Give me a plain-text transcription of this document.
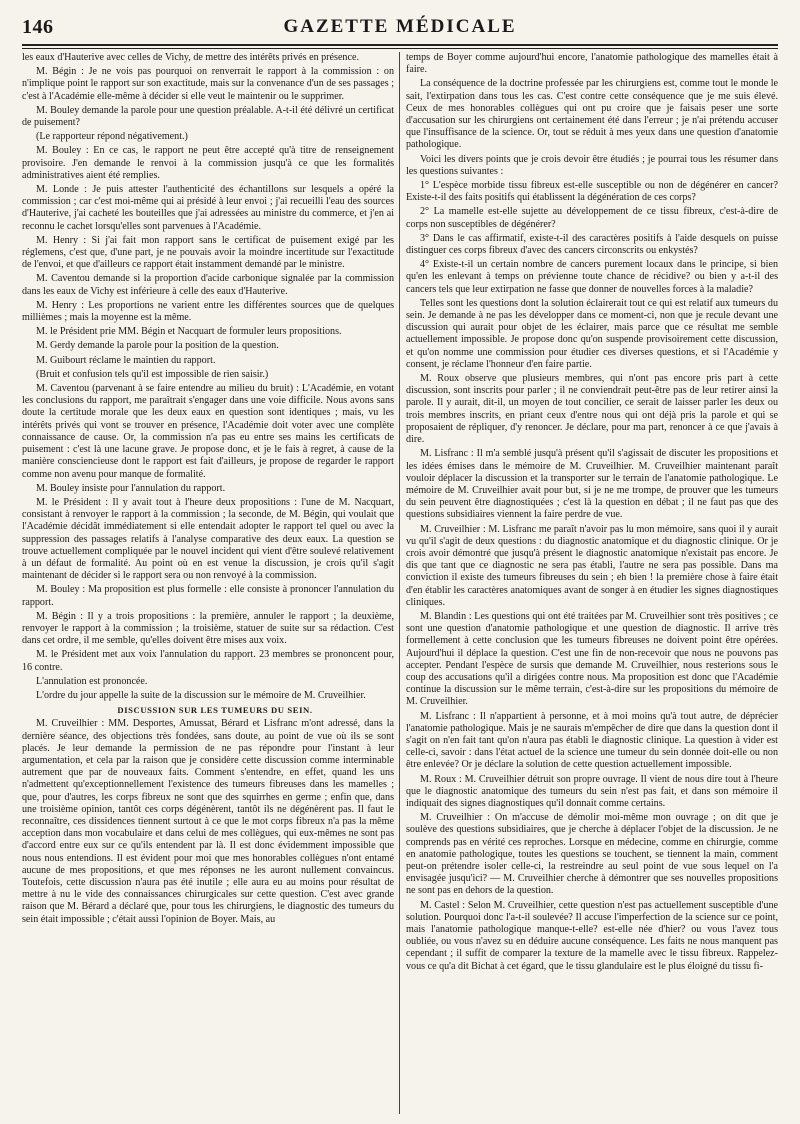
146	GAZETTE MÉDICALE

les eaux d'Hauterive avec celles de Vichy, de mettre des intérêts privés en présence.

M. Bégin : Je ne vois pas pourquoi on renverrait le rapport à la commission : on n'implique point le rapport sur son exactitude, mais sur la convenance d'un de ses passages ; c'est à l'Académie elle-même à décider si elle veut le maintenir ou le supprimer.

M. Bouley demande la parole pour une question préalable. A-t-il été délivré un certificat de puisement?

(Le rapporteur répond négativement.)

M. Bouley : En ce cas, le rapport ne peut être accepté qu'à titre de renseignement provisoire. J'en demande le renvoi à la commission jusqu'à ce que les formalités administratives aient été remplies.

M. Londe : Je puis attester l'authenticité des échantillons sur lesquels a opéré la commission ; car c'est moi-même qui ai présidé à leur envoi ; j'ai recueilli l'eau des sources d'Hauterive, j'ai cacheté les bouteilles que j'ai adressées au ministre du commerce, et j'en ai reconnu le cachet lorsqu'elles sont parvenues à l'Académie.

M. Henry : Si j'ai fait mon rapport sans le certificat de puisement exigé par les réglemens, c'est que, d'une part, je ne pouvais avoir la moindre incertitude sur l'exactitude de l'envoi, et que d'ailleurs ce rapport était instamment demandé par le ministre.

M. Caventou demande si la proportion d'acide carbonique signalée par la commission dans les eaux de Vichy est inférieure à celle des eaux d'Hauterive.

M. Henry : Les proportions ne varient entre les différentes sources que de quelques millièmes ; mais la moyenne est la même.

M. le Président prie MM. Bégin et Nacquart de formuler leurs propositions.

M. Gerdy demande la parole pour la position de la question.

M. Guibourt réclame le maintien du rapport.

(Bruit et confusion tels qu'il est impossible de rien saisir.)

M. Caventou (parvenant à se faire entendre au milieu du bruit) : L'Académie, en votant les conclusions du rapport, me paraîtrait s'engager dans une voie difficile. Nous avons sans doute la certitude morale que les deux eaux en question sont identiques ; mais, vu les intérêts privés qui vont se trouver en présence, l'Académie doit voter avec une complète connaissance de cause. Or, la commission n'a pas eu entre ses mains les certificats de puisement : c'est là une lacune grave. Je propose donc, et je le fais à regret, à cause de la manière consciencieuse dont le rapport est fait d'ailleurs, je propose de regarder le rapport comme non avenu pour manque de formalité.

M. Bouley insiste pour l'annulation du rapport.

M. le Président : Il y avait tout à l'heure deux propositions : l'une de M. Nacquart, consistant à renvoyer le rapport à la commission ; la seconde, de M. Bégin, qui voulait que l'Académie décidât immédiatement si elle entendait adopter le rapport tel quel ou avec la suppression des passages relatifs à l'analyse comparative des deux eaux. La question se trouve actuellement compliquée par le nouvel incident qui vient d'être soulevé relativement à un défaut de formalité. Au point où en est venue la discussion, je crois qu'il s'agit maintenant de décider si le rapport sera ou non renvoyé à la commission.

M. Bouley : Ma proposition est plus formelle : elle consiste à prononcer l'annulation du rapport.

M. Bégin : Il y a trois propositions : la première, annuler le rapport ; la deuxième, renvoyer le rapport à la commission ; la troisième, statuer de suite sur sa rédaction. C'est dans cet ordre, il me semble, qu'elles doivent être mises aux voix.

M. le Président met aux voix l'annulation du rapport. 23 membres se prononcent pour, 16 contre.

L'annulation est prononcée.

L'ordre du jour appelle la suite de la discussion sur le mémoire de M. Cruveilhier.

DISCUSSION SUR LES TUMEURS DU SEIN.

M. Cruveilhier : MM. Desportes, Amussat, Bérard et Lisfranc m'ont adressé, dans la dernière séance, des objections très fondées, sans doute, au point de vue où ils se sont placés. Je leur demande la permission de ne pas répondre pour l'instant à leur argumentation, et cela par la raison que je considère cette discussion comme interminable autrement que par de nouveaux faits. Comment s'entendre, en effet, quand les uns n'admettent qu'exceptionnellement l'existence des tumeurs fibreuses dans les mamelles ; que, pour d'autres, les corps fibreux ne sont que des squirrhes en germe ; enfin que, dans une troisième opinion, tantôt ces corps dégénèrent, tantôt ils ne dégénèrent pas. Il faut le reconnaître, ces dissidences tiennent surtout à ce que le mot corps fibreux n'a pas la même acception dans mon vocabulaire et dans celui de mes collègues, qui eux-mêmes ne sont pas d'accord entre eux sur ce qu'ils entendent par là. Il est donc évidemment impossible que nous nous entendions. Il est évident pour moi que mes honorables collègues n'ont entamé aucune de mes propositions, et que mes réponses ne les auront nullement convaincus. Toutefois, cette discussion n'aura pas été inutile ; elle aura eu au moins pour résultat de mettre à nu le vide des connaissances chirurgicales sur cette question. C'est avec grande raison que M. Bérard a déclaré que, pour tous les chirurgiens, le diagnostic des tumeurs du sein était impossible ; c'était aussi l'opinion de Boyer. Mais, au

temps de Boyer comme aujourd'hui encore, l'anatomie pathologique des mamelles était à faire.

La conséquence de la doctrine professée par les chirurgiens est, comme tout le monde le sait, l'extirpation dans tous les cas. C'est contre cette conséquence que je me suis élevé. Ceux de mes honorables collègues qui ont pu croire que je faisais peser une sorte d'accusation sur les chirurgiens ont certainement été dans l'erreur ; je n'ai prétendu accuser que l'insuffisance de la science. Or, tout se réduit à mes yeux dans une question d'anatomie pathologique.

Voici les divers points que je crois devoir être étudiés ; je pourrai tous les résumer dans les questions suivantes :

1° L'espèce morbide tissu fibreux est-elle susceptible ou non de dégénérer en cancer? Existe-t-il des faits positifs qui établissent la dégénération de ces corps?

2° La mamelle est-elle sujette au développement de ce tissu fibreux, c'est-à-dire de corps non susceptibles de dégénérer?

3° Dans le cas affirmatif, existe-t-il des caractères positifs à l'aide desquels on puisse distinguer ces corps fibreux d'avec des cancers circonscrits ou enkystés?

4° Existe-t-il un certain nombre de cancers purement locaux dans le principe, si bien qu'en les enlevant à temps on prévienne toute chance de récidive? ou bien y a-t-il des cancers tels que leur extirpation ne fasse que donner de nouvelles forces à la maladie?

Telles sont les questions dont la solution éclairerait tout ce qui est relatif aux tumeurs du sein. Je demande à ne pas les développer dans ce moment-ci, non que je recule devant une discussion qui aurait pour objet de les éclairer, mais parce que ce résultat me semble actuellement impossible. Je propose donc qu'on suspende provisoirement cette discussion, et qu'on nomme une commission pour étudier ces diverses questions, et si l'Académie y consent, je réclame l'honneur d'en faire partie.

M. Roux observe que plusieurs membres, qui n'ont pas encore pris part à cette discussion, sont inscrits pour parler ; il ne conviendrait peut-être pas de leur retirer ainsi la parole. Il y aurait, dit-il, un moyen de tout concilier, ce serait de laisser parler les deux ou trois membres inscrits, en priant ceux d'entre nous qui ont déjà pris la parole et qui se proposaient de répliquer, d'y renoncer. Je déclare, pour ma part, renoncer à ce que j'avais à dire.

M. Lisfranc : Il m'a semblé jusqu'à présent qu'il s'agissait de discuter les propositions et les idées émises dans le mémoire de M. Cruveilhier. M. Cruveilhier maintenant paraît vouloir déplacer la discussion et la transporter sur le terrain de l'anatomie pathologique. Le mémoire de M. Cruveilhier avait pour but, si je ne me trompe, de prouver que les tumeurs du sein peuvent être diagnostiquées ; c'est là la question en débat ; il ne faut pas que des questions subsidiaires viennent la faire perdre de vue.

M. Cruveilhier : M. Lisfranc me paraît n'avoir pas lu mon mémoire, sans quoi il y aurait vu qu'il s'agit de deux questions : du diagnostic anatomique et du diagnostic clinique. Or je crois avoir démontré que jusqu'à présent le diagnostic anatomique n'existait pas encore. Je dis que tant que ce diagnostic ne sera pas établi, l'autre ne sera pas possible. Dans ma conviction il existe des tumeurs fibreuses du sein ; eh bien ! la première chose à faire était d'en établir les caractères anatomiques avant de songer à en étudier les signes diagnostiques cliniques.

M. Blandin : Les questions qui ont été traitées par M. Cruveilhier sont très positives ; ce sont une question d'anatomie pathologique et une question de diagnostic. Il arrive très formellement à cette conclusion que les tumeurs fibreuses ne doivent point être opérées. Aujourd'hui il déplace la question. C'est une fin de non-recevoir que nous ne pouvons pas accepter. Pendant l'espèce de sursis que demande M. Cruveilhier, nous resterions sous le coup des accusations qu'il a dirigées contre nous. Ma proposition est donc que l'Académie continue la discussion sur le même terrain, c'est-à-dire sur les propositions du mémoire de M. Cruveilhier.

M. Lisfranc : Il n'appartient à personne, et à moi moins qu'à tout autre, de déprécier l'anatomie pathologique. Mais je ne saurais m'empêcher de dire que dans la question dont il s'agit on n'en fait tant qu'on n'aura pas établi le diagnostic clinique. La question à vider est celle-ci, savoir : dans l'état actuel de la science une tumeur du sein donnée doit-elle ou non être enlevée? Or je déclare la solution de cette question actuellement impossible.

M. Roux : M. Cruveilhier détruit son propre ouvrage. Il vient de nous dire tout à l'heure que le diagnostic anatomique des tumeurs du sein n'est pas fait, et dans son mémoire il indiquait des signes diagnostiques qu'il donnait comme certains.

M. Cruveilhier : On m'accuse de démolir moi-même mon ouvrage ; on dit que je soulève des questions subsidiaires, que je cherche à déplacer l'objet de la discussion. Je ne comprends pas en vérité ces reproches. Lorsque en médecine, comme en chirurgie, comme en anatomie pathologique, toutes les questions se touchent, se tiennent la main, comment peut-on prétendre isoler celle-ci, la restreindre au seul point de vue sous lequel on l'a envisagée jusqu'ici? — M. Cruveilhier cherche à démontrer que ses nouvelles propositions ne sont pas en dehors de la question.

M. Castel : Selon M. Cruveilhier, cette question n'est pas actuellement susceptible d'une solution. Pourquoi donc l'a-t-il soulevée? Il accuse l'imperfection de la science sur ce point, mais l'anatomie pathologique manque-t-elle? est-elle née d'hier? ou vous l'avez tous oubliée, ou vous n'avez su en déduire aucune conséquence. Les faits ne nous manquent pas cependant ; il suffit de comparer la texture de la mamelle avec le tissu fibreux. Rappelez-vous ce qu'a dit Bichat à cet égard, que le tissu glandulaire est le plus éloigné du tissu fi-
